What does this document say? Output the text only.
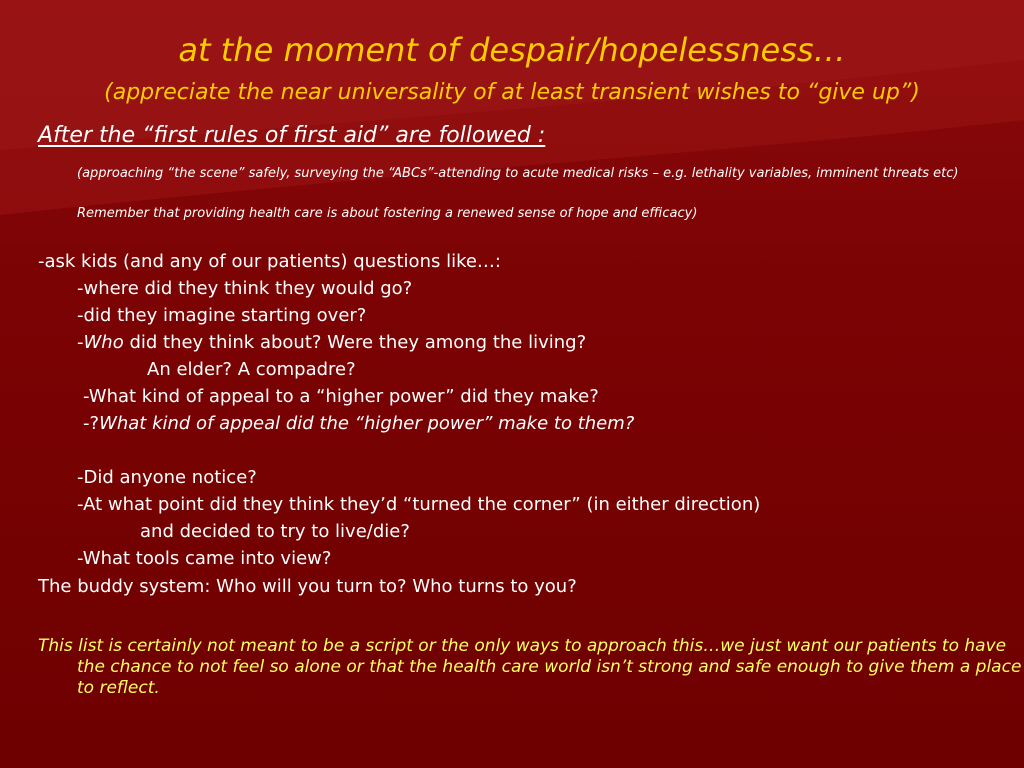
at the moment of despair/hopelessness…

(appreciate the near universality of at least transient wishes to “give up”)

After the “first rules of first aid” are followed :
(approaching “the scene” safely, surveying the “ABCs”-attending to acute medical risks – e.g. lethality variables, imminent threats etc)
Remember that providing health care is about fostering a renewed sense of hope and efficacy)
-ask kids (and any of our patients) questions like…:
-where did they think they would go?
-did they imagine starting over?
-Who did they think about? Were they among the living?
An elder? A compadre?
-What kind of appeal to a “higher power” did they make?
-?What kind of appeal did the “higher power” make to them?
-Did anyone notice?
-At what point did they think they’d “turned the corner” (in either direction)
and decided to try to live/die?
-What tools came into view?
The buddy system: Who will you turn to? Who turns to you?
This list is certainly not meant to be a script or the only ways to approach this…we just want our patients to have the chance to not feel so alone or that the health care world isn’t strong and safe enough to give them a place to reflect.
